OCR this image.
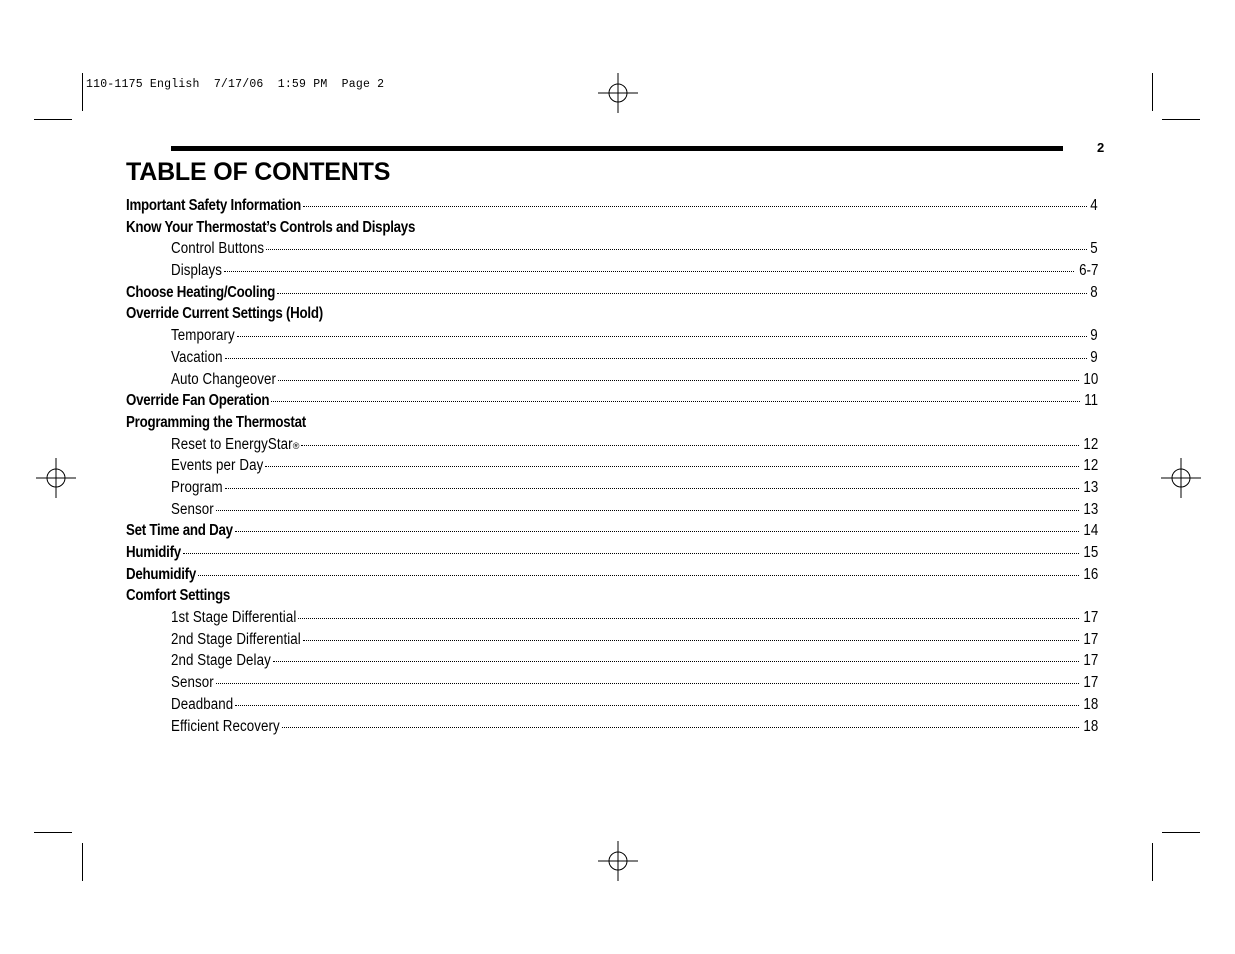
110-1175 English  7/17/06  1:59 PM  Page 2
2
TABLE OF CONTENTS
Important Safety Information	4
Know Your Thermostat’s Controls and Displays
Control Buttons	5
Displays	6-7
Choose Heating/Cooling	8
Override Current Settings (Hold)
Temporary	9
Vacation	9
Auto Changeover	10
Override Fan Operation	11
Programming the Thermostat
Reset to EnergyStar ®	12
Events per Day	12
Program	13
Sensor	13
Set Time and Day	14
Humidify	15
Dehumidify	16
Comfort Settings
1st Stage Differential	17
2nd Stage Differential	17
2nd Stage Delay	17
Sensor	17
Deadband	18
Efficient Recovery	18
